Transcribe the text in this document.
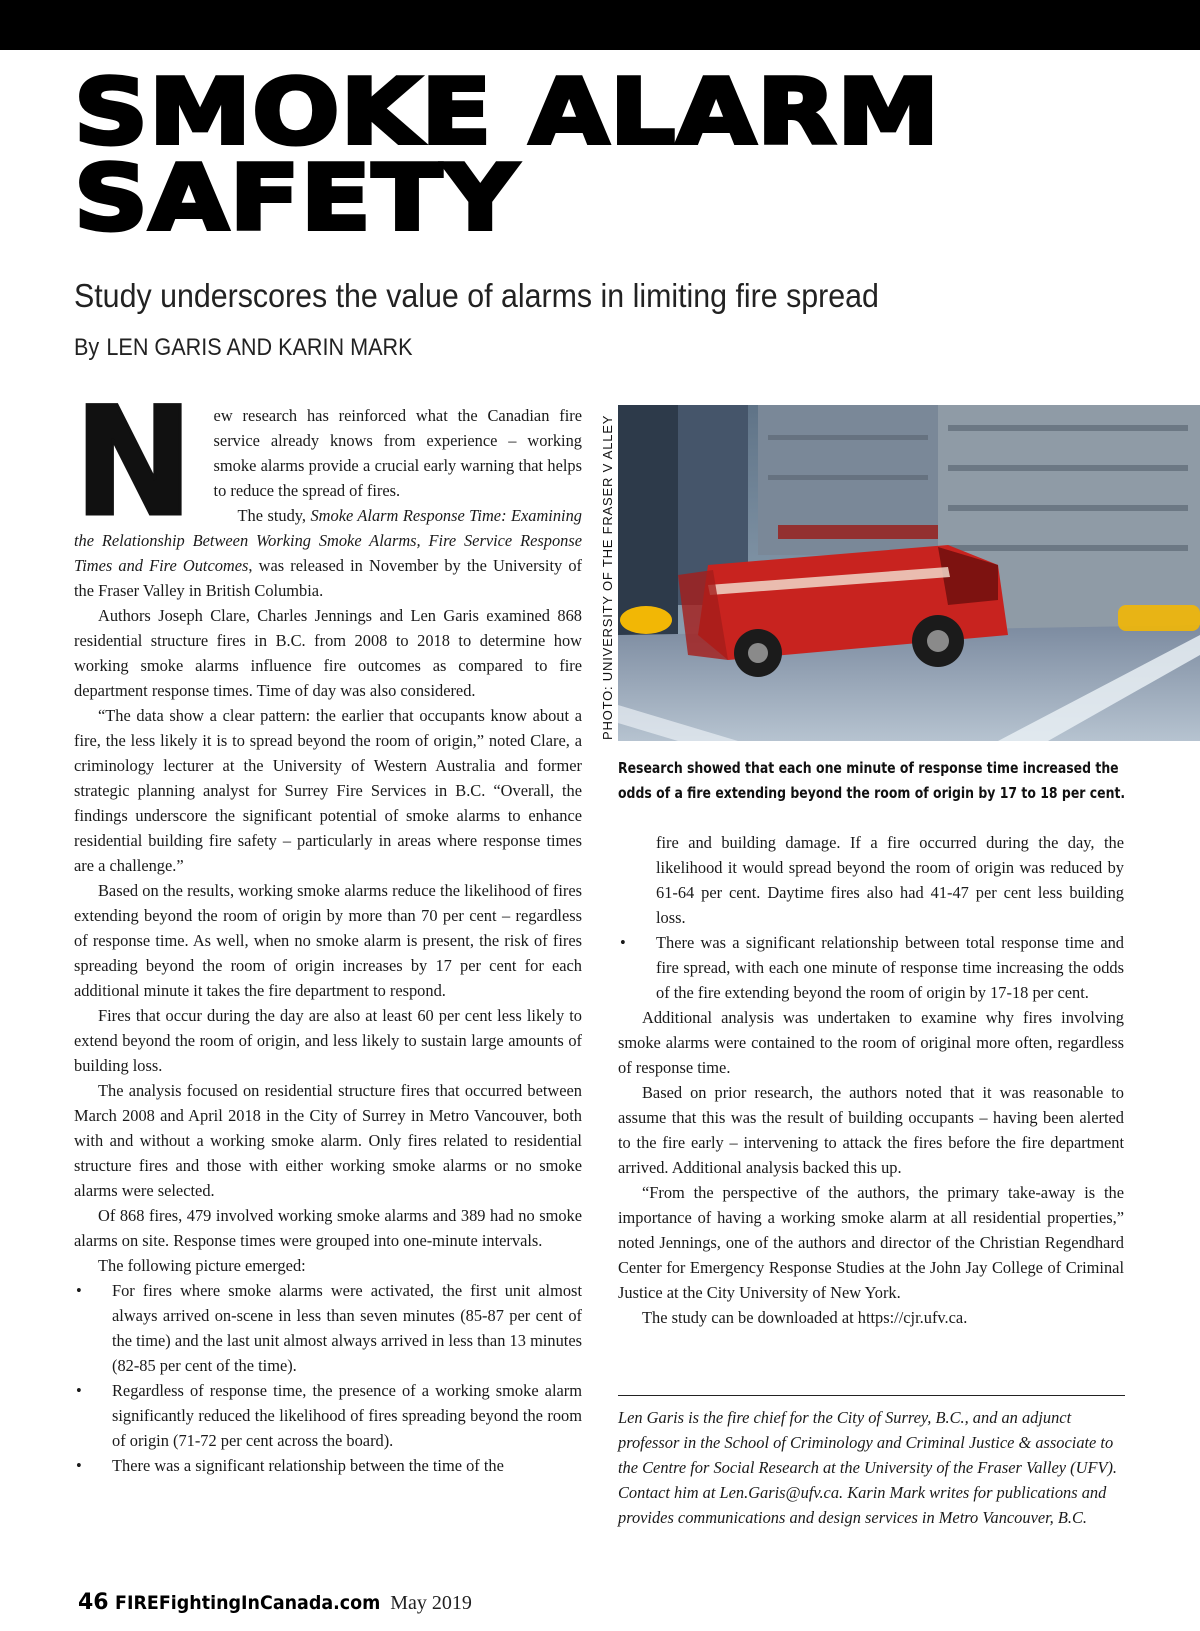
SMOKE ALARM
SAFETY
Study underscores the value of alarms in limiting fire spread
By LEN GARIS AND KARIN MARK

N ew research has reinforced what the Canadian fire service already knows from experience – working smoke alarms provide a crucial early warning that helps to reduce the spread of fires.

The study, Smoke Alarm Response Time: Examining the Relationship Between Working Smoke Alarms, Fire Service Response Times and Fire Outcomes, was released in November by the University of the Fraser Valley in British Columbia.

Authors Joseph Clare, Charles Jennings and Len Garis examined 868 residential structure fires in B.C. from 2008 to 2018 to determine how working smoke alarms influence fire outcomes as compared to fire department response times. Time of day was also considered.

“The data show a clear pattern: the earlier that occupants know about a fire, the less likely it is to spread beyond the room of origin,” noted Clare, a criminology lecturer at the University of Western Australia and former strategic planning analyst for Surrey Fire Services in B.C. “Overall, the findings underscore the significant potential of smoke alarms to enhance residential building fire safety – particularly in areas where response times are a challenge.”

Based on the results, working smoke alarms reduce the likelihood of fires extending beyond the room of origin by more than 70 per cent – regardless of response time. As well, when no smoke alarm is present, the risk of fires spreading beyond the room of origin increases by 17 per cent for each additional minute it takes the fire department to respond.

Fires that occur during the day are also at least 60 per cent less likely to extend beyond the room of origin, and less likely to sustain large amounts of building loss.

The analysis focused on residential structure fires that occurred between March 2008 and April 2018 in the City of Surrey in Metro Vancouver, both with and without a working smoke alarm. Only fires related to residential structure fires and those with either working smoke alarms or no smoke alarms were selected.

Of 868 fires, 479 involved working smoke alarms and 389 had no smoke alarms on site. Response times were grouped into one-minute intervals.

The following picture emerged:

• For fires where smoke alarms were activated, the first unit almost always arrived on-scene in less than seven minutes (85-87 per cent of the time) and the last unit almost always arrived in less than 13 minutes (82-85 per cent of the time).
• Regardless of response time, the presence of a working smoke alarm significantly reduced the likelihood of fires spreading beyond the room of origin (71-72 per cent across the board).
• There was a significant relationship between the time of the
PHOTO: UNIVERSITY OF THE FRASER V ALLEY
Research showed that each one minute of response time increased the
odds of a fire extending beyond the room of origin by 17 to 18 per cent.
fire and building damage. If a fire occurred during the day, the likelihood it would spread beyond the room of origin was reduced by 61-64 per cent. Daytime fires also had 41-47 per cent less building loss.
• There was a significant relationship between total response time and fire spread, with each one minute of response time increasing the odds of the fire extending beyond the room of origin by 17-18 per cent.

Additional analysis was undertaken to examine why fires involving smoke alarms were contained to the room of original more often, regardless of response time.

Based on prior research, the authors noted that it was reasonable to assume that this was the result of building occupants – having been alerted to the fire early – intervening to attack the fires before the fire department arrived. Additional analysis backed this up.

“From the perspective of the authors, the primary take-away is the importance of having a working smoke alarm at all residential properties,” noted Jennings, one of the authors and director of the Christian Regendhard Center for Emergency Response Studies at the John Jay College of Criminal Justice at the City University of New York.

The study can be downloaded at https://cjr.ufv.ca.

Len Garis is the fire chief for the City of Surrey, B.C., and an adjunct professor in the School of Criminology and Criminal Justice & associate to the Centre for Social Research at the University of the Fraser Valley (UFV). Contact him at Len.Garis@ufv.ca. Karin Mark writes for publications and provides communications and design services in Metro Vancouver, B.C.

46 FIREFightingInCanada.com May 2019
